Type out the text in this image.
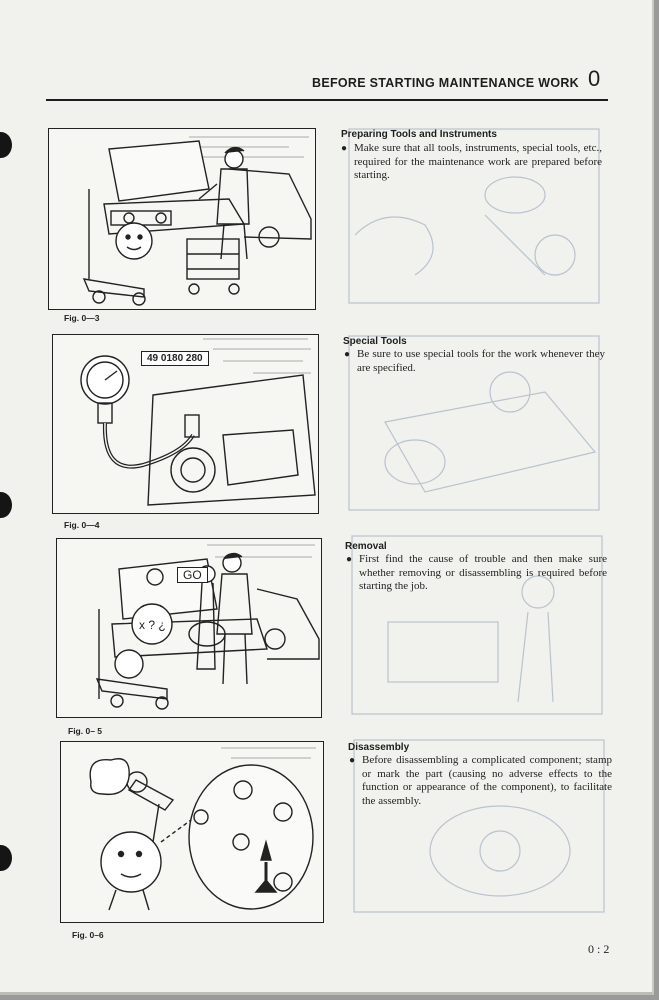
BEFORE STARTING MAINTENANCE WORK 0
Fig. 0—3
49 0180 280
Fig. 0—4
x ? ¿
GO
Fig. 0– 5
Fig. 0–6
Preparing Tools and Instruments
● Make sure that all tools, instruments, special tools, etc., required for the maintenance work are prepared before starting.
Special Tools
● Be sure to use special tools for the work whenever they are specified.
Removal
● First find the cause of trouble and then make sure whether removing or disassembling is required before starting the job.
Disassembly
● Before disassembling a complicated component; stamp or mark the part (causing no adverse effects to the function or appearance of the component), to facilitate the assembly.
0 : 2
